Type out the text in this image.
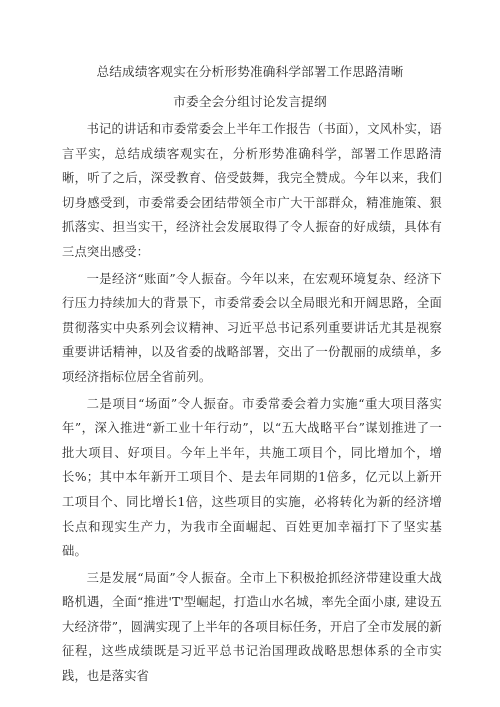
总结成绩客观实在分析形势准确科学部署工作思路清晰
市委全会分组讨论发言提纲

书记的讲话和市委常委会上半年工作报告（书面），文风朴实，语言平实，总结成绩客观实在，分析形势准确科学，部署工作思路清晰，听了之后，深受教育、倍受鼓舞，我完全赞成。今年以来，我们切身感受到，市委常委会团结带领全市广大干部群众，精准施策、狠抓落实、担当实干，经济社会发展取得了令人振奋的好成绩，具体有三点突出感受：

一是经济“账面”令人振奋。今年以来，在宏观环境复杂、经济下行压力持续加大的背景下，市委常委会以全局眼光和开阔思路，全面贯彻落实中央系列会议精神、习近平总书记系列重要讲话尤其是视察重要讲话精神，以及省委的战略部署，交出了一份靓丽的成绩单，多项经济指标位居全省前列。

二是项目“场面”令人振奋。市委常委会着力实施“重大项目落实年”，深入推进“新工业十年行动”，以“五大战略平台”谋划推进了一批大项目、好项目。今年上半年，共施工项目个，同比增加个，增长%；其中本年新开工项目个、是去年同期的1倍多，亿元以上新开工项目个、同比增长1倍，这些项目的实施，必将转化为新的经济增长点和现实生产力，为我市全面崛起、百姓更加幸福打下了坚实基础。

三是发展“局面”令人振奋。全市上下积极抢抓经济带建设重大战略机遇，全面“推进'T'型崛起，打造山水名城，率先全面小康, 建设五大经济带”，圆满实现了上半年的各项目标任务，开启了全市发展的新征程，这些成绩既是习近平总书记治国理政战略思想体系的全市实践，也是落实省
